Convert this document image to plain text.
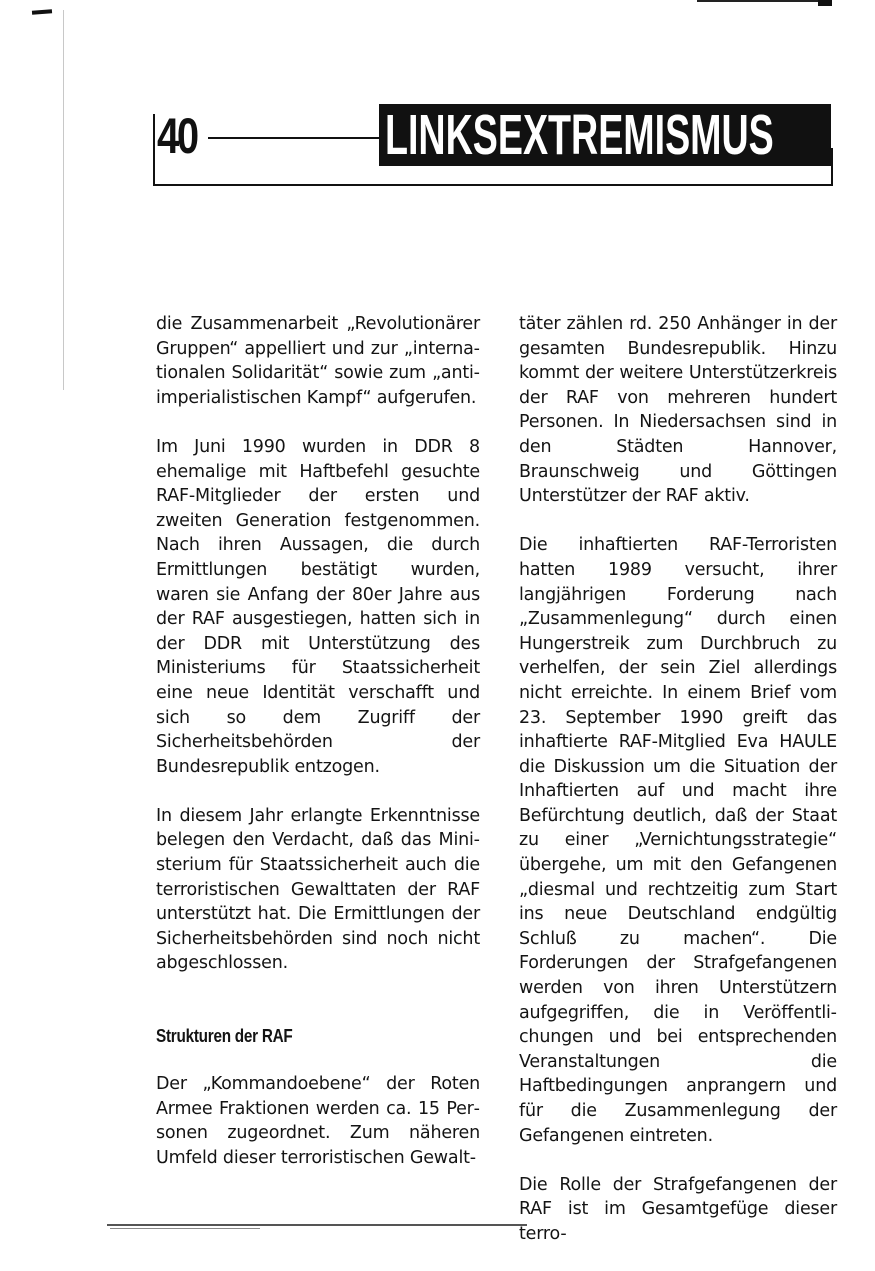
40	LINKSEXTREMISMUS

die Zusammenarbeit „Revolutionärer Gruppen“ appelliert und zur „internationalen Solidarität“ sowie zum „antiimperialistischen Kampf“ aufgerufen.

Im Juni 1990 wurden in DDR 8 ehemalige mit Haftbefehl gesuchte RAF-Mitglieder der ersten und zweiten Generation festgenommen. Nach ihren Aussagen, die durch Ermittlungen bestätigt wurden, waren sie Anfang der 80er Jahre aus der RAF ausgestiegen, hatten sich in der DDR mit Unterstützung des Ministeriums für Staatssicherheit eine neue Identität verschafft und sich so dem Zugriff der Sicherheitsbehörden der Bundesrepublik entzogen.

In diesem Jahr erlangte Erkenntnisse belegen den Verdacht, daß das Ministerium für Staatssicherheit auch die terroristischen Gewalttaten der RAF unterstützt hat. Die Ermittlungen der Sicherheitsbehörden sind noch nicht abgeschlossen.

Strukturen der RAF

Der „Kommandoebene“ der Roten Armee Fraktionen werden ca. 15 Personen zugeordnet. Zum näheren Umfeld dieser terroristischen Gewalt-

täter zählen rd. 250 Anhänger in der gesamten Bundesrepublik. Hinzu kommt der weitere Unterstützerkreis der RAF von mehreren hundert Personen. In Niedersachsen sind in den Städten Hannover, Braunschweig und Göttingen Unterstützer der RAF aktiv.

Die inhaftierten RAF-Terroristen hatten 1989 versucht, ihrer langjährigen Forderung nach „Zusammenlegung“ durch einen Hungerstreik zum Durchbruch zu verhelfen, der sein Ziel allerdings nicht erreichte. In einem Brief vom 23. September 1990 greift das inhaftierte RAF-Mitglied Eva HAULE die Diskussion um die Situation der Inhaftierten auf und macht ihre Befürchtung deutlich, daß der Staat zu einer „Vernichtungsstrategie“ übergehe, um mit den Gefangenen „diesmal und rechtzeitig zum Start ins neue Deutschland endgültig Schluß zu machen“. Die Forderungen der Strafgefangenen werden von ihren Unterstützern aufgegriffen, die in Veröffentlichungen und bei entsprechenden Veranstaltungen die Haftbedingungen anprangern und für die Zusammenlegung der Gefangenen eintreten.

Die Rolle der Strafgefangenen der RAF ist im Gesamtgefüge dieser terro-
